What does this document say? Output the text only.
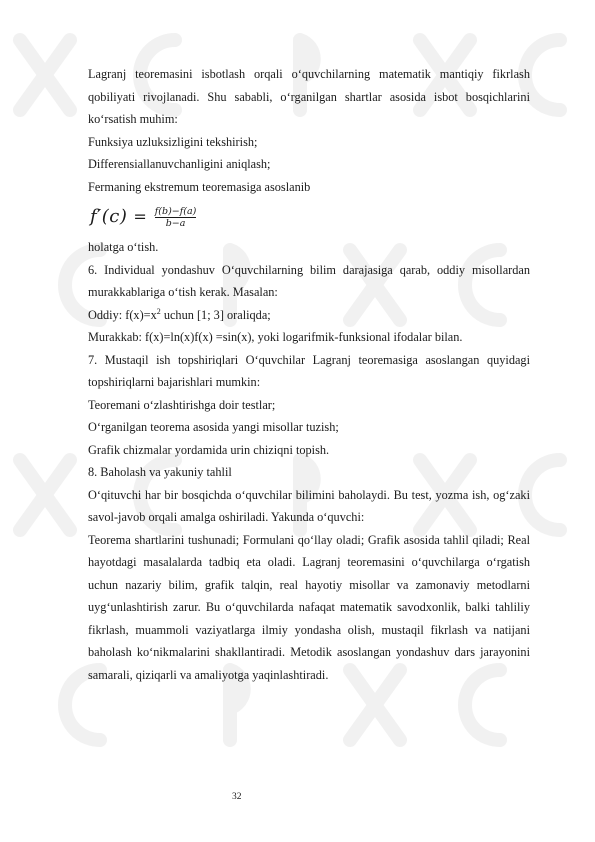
Lagranj teoremasini isbotlash orqali o‘quvchilarning matematik mantiqiy fikrlash qobiliyati rivojlanadi. Shu sababli, o‘rganilgan shartlar asosida isbot bosqichlarini ko‘rsatish muhim:

Funksiya uzluksizligini tekshirish;

Differensiallanuvchanligini aniqlash;

Fermaning ekstremum teoremasiga asoslanib

$f'(c) = \frac{f(b)-f(a)}{b-a}$

holatga o‘tish.

6. Individual yondashuv O‘quvchilarning bilim darajasiga qarab, oddiy misollardan murakkablariga o‘tish kerak. Masalan:

Oddiy: $f(x)=x^2$ uchun [1; 3] oraliqda;

Murakkab: f(x)=ln(x)f(x) =sin(x), yoki logarifmik-funksional ifodalar bilan.

7. Mustaqil ish topshiriqlari O‘quvchilar Lagranj teoremasiga asoslangan quyidagi topshiriqlarni bajarishlari mumkin:

Teoremani o‘zlashtirishga doir testlar;

O‘rganilgan teorema asosida yangi misollar tuzish;

Grafik chizmalar yordamida urin chiziqni topish.

8. Baholash va yakuniy tahlil

O‘qituvchi har bir bosqichda o‘quvchilar bilimini baholaydi. Bu test, yozma ish, og‘zaki savol-javob orqali amalga oshiriladi. Yakunda o‘quvchi:

Teorema shartlarini tushunadi; Formulani qo‘llay oladi; Grafik asosida tahlil qiladi; Real hayotdagi masalalarda tadbiq eta oladi. Lagranj teoremasini o‘quvchilarga o‘rgatish uchun nazariy bilim, grafik talqin, real hayotiy misollar va zamonaviy metodlarni uyg‘unlashtirish zarur. Bu o‘quvchilarda nafaqat matematik savodxonlik, balki tahliliy fikrlash, muammoli vaziyatlarga ilmiy yondasha olish, mustaqil fikrlash va natijani baholash ko‘nikmalarini shakllantiradi. Metodik asoslangan yondashuv dars jarayonini samarali, qiziqarli va amaliyotga yaqinlashtiradi.

32
